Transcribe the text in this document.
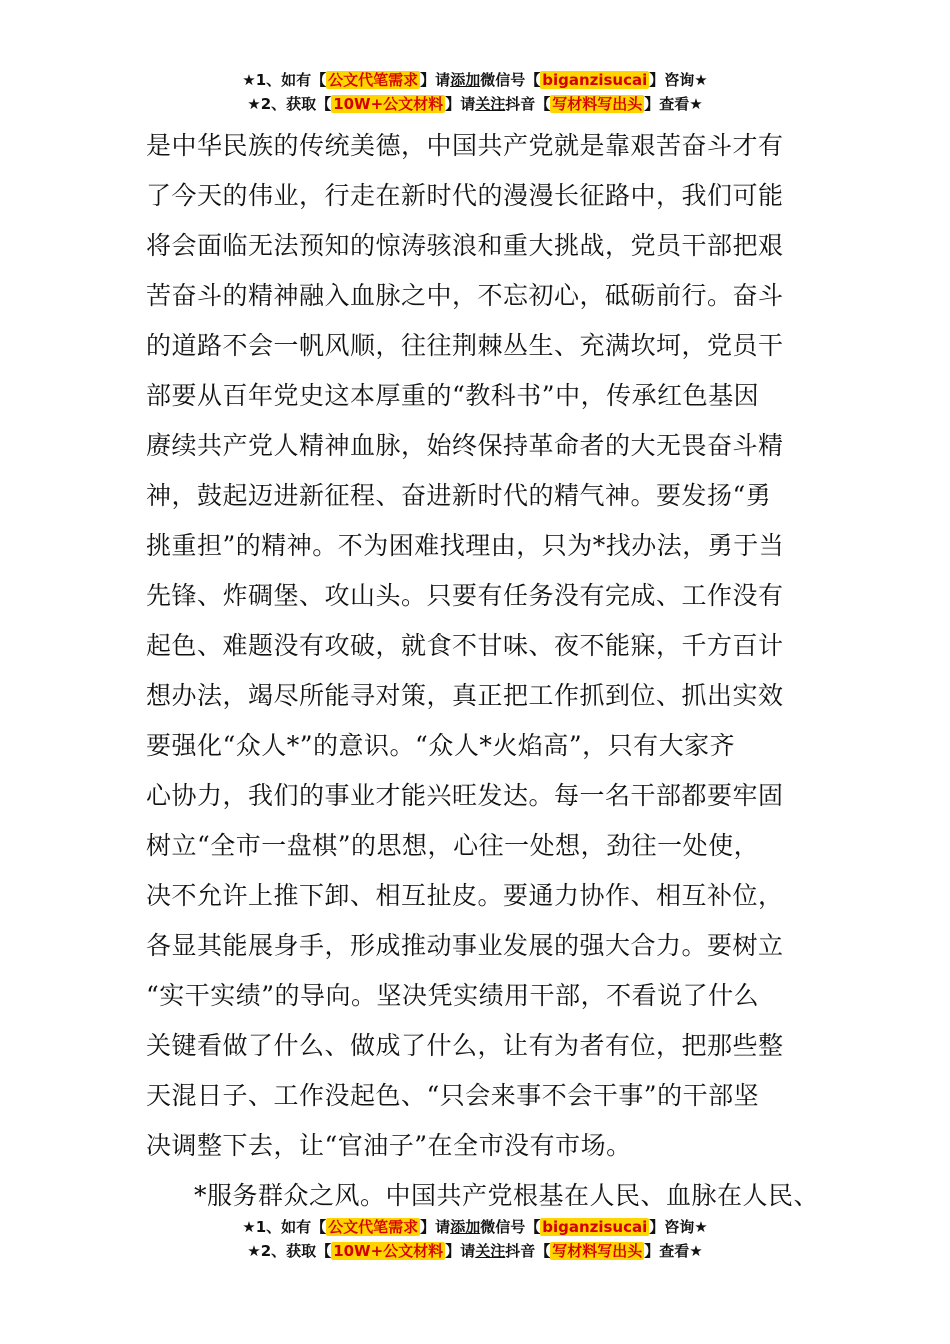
★1、如有【 公文代笔需求 】请添加微信号【 biganzisucai 】咨询★
★2、获取【 10W+公文材料 】请关注抖音【 写材料写出头 】查看★
是中华民族的传统美德，中国共产党就是靠艰苦奋斗才有
了今天的伟业，行走在新时代的漫漫长征路中，我们可能
将会面临无法预知的惊涛骇浪和重大挑战，党员干部把艰
苦奋斗的精神融入血脉之中，不忘初心，砥砺前行。奋斗
的道路不会一帆风顺，往往荆棘丛生、充满坎坷，党员干
部要从百年党史这本厚重的“教科书”中，传承红色基因
赓续共产党人精神血脉，始终保持革命者的大无畏奋斗精
神，鼓起迈进新征程、奋进新时代的精气神。要发扬“勇
挑重担”的精神。不为困难找理由，只为*找办法，勇于当
先锋、炸碉堡、攻山头。只要有任务没有完成、工作没有
起色、难题没有攻破，就食不甘味、夜不能寐，千方百计
想办法，竭尽所能寻对策，真正把工作抓到位、抓出实效
要强化“众人*”的意识。“众人*火焰高”，只有大家齐
心协力，我们的事业才能兴旺发达。每一名干部都要牢固
树立“全市一盘棋”的思想，心往一处想，劲往一处使，
决不允许上推下卸、相互扯皮。要通力协作、相互补位，
各显其能展身手，形成推动事业发展的强大合力。要树立
“实干实绩”的导向。坚决凭实绩用干部，不看说了什么
关键看做了什么、做成了什么，让有为者有位，把那些整
天混日子、工作没起色、“只会来事不会干事”的干部坚
决调整下去，让“官油子”在全市没有市场。
*服务群众之风。中国共产党根基在人民、血脉在人民、
★1、如有【 公文代笔需求 】请添加微信号【 biganzisucai 】咨询★
★2、获取【 10W+公文材料 】请关注抖音【 写材料写出头 】查看★
